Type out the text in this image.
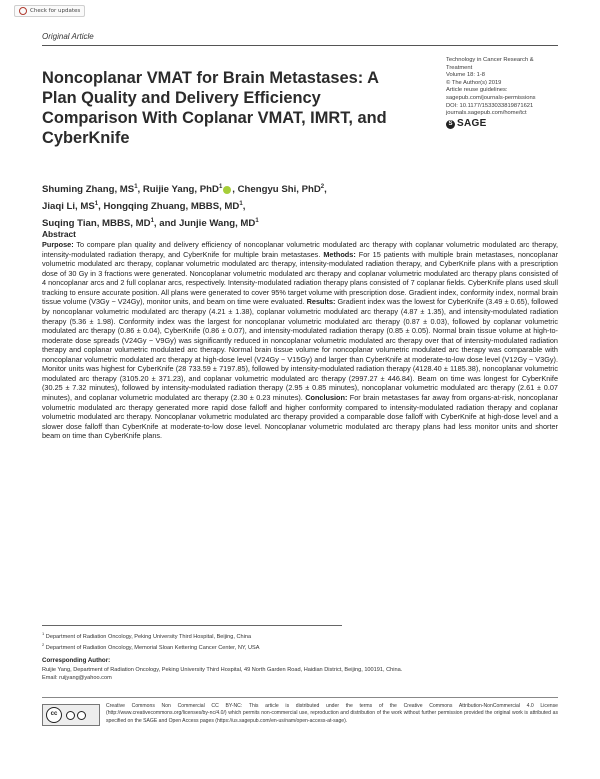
Check for updates
Original Article
Noncoplanar VMAT for Brain Metastases: A Plan Quality and Delivery Efficiency Comparison With Coplanar VMAT, IMRT, and CyberKnife
Technology in Cancer Research &
Treatment
Volume 18: 1-8
© The Author(s) 2019
Article reuse guidelines:
sagepub.com/journals-permissions
DOI: 10.1177/1533033819871621
journals.sagepub.com/home/tct
S SAGE
Shuming Zhang, $MS^1$, Ruijie Yang, PhD$^1$ , Chengyu Shi, PhD$^2$,
Jiaqi Li, $MS^1$, Hongqing Zhuang, MBBS, $MD^1$,
Suqing Tian, MBBS, $MD^1$, and Junjie Wang, $MD^1$
Abstract

Purpose: To compare plan quality and delivery efficiency of noncoplanar volumetric modulated arc therapy with coplanar volumetric modulated arc therapy, intensity-modulated radiation therapy, and CyberKnife for multiple brain metastases. Methods: For 15 patients with multiple brain metastases, noncoplanar volumetric modulated arc therapy, coplanar volumetric modulated arc therapy, intensity-modulated radiation therapy, and CyberKnife plans with a prescription dose of 30 Gy in 3 fractions were generated. Noncoplanar volumetric modulated arc therapy and coplanar volumetric modulated arc therapy plans consisted of 4 noncoplanar arcs and 2 full coplanar arcs, respectively. Intensity-modulated radiation therapy plans consisted of 7 coplanar fields. CyberKnife plans used skull tracking to ensure accurate position. All plans were generated to cover 95% target volume with prescription dose. Gradient index, conformity index, normal brain tissue volume (V3Gy − V24Gy), monitor units, and beam on time were evaluated. Results: Gradient index was the lowest for CyberKnife (3.49 ± 0.65), followed by noncoplanar volumetric modulated arc therapy (4.21 ± 1.38), coplanar volumetric modulated arc therapy (4.87 ± 1.35), and intensity-modulated radiation therapy (5.36 ± 1.98). Conformity index was the largest for noncoplanar volumetric modulated arc therapy (0.87 ± 0.03), followed by coplanar volumetric modulated arc therapy (0.86 ± 0.04), CyberKnife (0.86 ± 0.07), and intensity-modulated radiation therapy (0.85 ± 0.05). Normal brain tissue volume at high-to-moderate dose spreads (V24Gy − V9Gy) was significantly reduced in noncoplanar volumetric modulated arc therapy over that of intensity-modulated radiation therapy and coplanar volumetric modulated arc therapy. Normal brain tissue volume for noncoplanar volumetric modulated arc therapy was comparable with noncoplanar volumetric modulated arc therapy at high-dose level (V24Gy − V15Gy) and larger than CyberKnife at moderate-to-low dose level (V12Gy − V3Gy). Monitor units was highest for CyberKnife (28 733.59 ± 7197.85), followed by intensity-modulated radiation therapy (4128.40 ± 1185.38), noncoplanar volumetric modulated arc therapy (3105.20 ± 371.23), and coplanar volumetric modulated arc therapy (2997.27 ± 446.84). Beam on time was longest for CyberKnife (30.25 ± 7.32 minutes), followed by intensity-modulated radiation therapy (2.95 ± 0.85 minutes), noncoplanar volumetric modulated arc therapy (2.61 ± 0.07 minutes), and coplanar volumetric modulated arc therapy (2.30 ± 0.23 minutes). Conclusion: For brain metastases far away from organs-at-risk, noncoplanar volumetric modulated arc therapy generated more rapid dose falloff and higher conformity compared to intensity-modulated radiation therapy and coplanar volumetric modulated arc therapy. Noncoplanar volumetric modulated arc therapy provided a comparable dose falloff with CyberKnife at high-dose level and a slower dose falloff than CyberKnife at moderate-to-low dose level. Noncoplanar volumetric modulated arc therapy plans had less monitor units and shorter beam on time than CyberKnife plans.

$^1$ Department of Radiation Oncology, Peking University Third Hospital, Beijing, China
$^2$ Department of Radiation Oncology, Memorial Sloan Kettering Cancer Center, NY, USA
Corresponding Author:
Ruijie Yang, Department of Radiation Oncology, Peking University Third Hospital, 49 North Garden Road, Haidian District, Beijing, 100191, China.
Email: ruijyang@yahoo.com
cc

Creative Commons Non Commercial CC BY-NC: This article is distributed under the terms of the Creative Commons Attribution-NonCommercial 4.0 License (http://www.creativecommons.org/licenses/by-nc/4.0/) which permits non-commercial use, reproduction and distribution of the work without further permission provided the original work is attributed as specified on the SAGE and Open Access pages (https://us.sagepub.com/en-us/nam/open-access-at-sage).
